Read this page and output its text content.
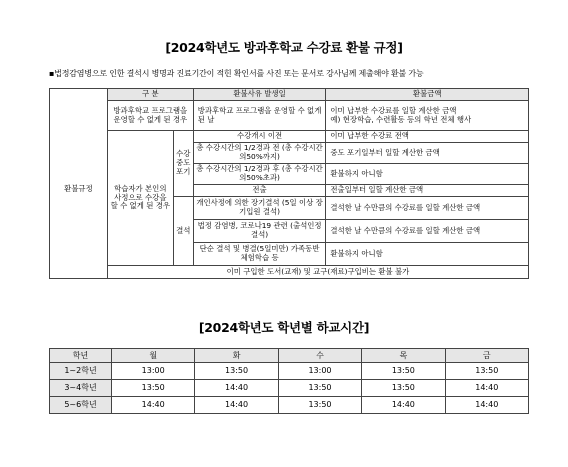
[2024학년도 방과후학교 수강료 환불 규정]
▪법정감염병으로 인한 결석시 병명과 진료기간이 적힌 확인서를 사진 또는 문서로 강사님께 제출해야 환불 가능
	구 분		환불사유 발생일	환불금액
환불규정	방과후학교 프로그램을 운영할 수 없게 된 경우		방과후학교 프로그램을 운영할 수 없게 된 날	이미 납부한 수강료를 일할 계산한 금액
예) 현장학습, 수련활동 등의 학년 전체 행사
	학습자가 본인의 사정으로 수강을 할 수 없게 된 경우	수강 중도 포기	수강개시 이전	이미 납부한 수강료 전액
			총 수강시간의 1/2경과 전 (총 수강시간의50%까지)	중도 포기일부터 일할 계산한 금액
			총 수강시간의 1/2경과 후 (총 수강시간의50%초과)	환불하지 아니함
			전출	전출일부터 일할 계산한 금액
		결석	개인사정에 의한 장기결석 (5일 이상 장기입원 결석)	결석한 날 수만큼의 수강료를 일할 계산한 금액
			법정 감염병, 코로나19 관련 (출석인정결석)	결석한 날 수만큼의 수강료를 일할 계산한 금액
			단순 결석 및 병결(5일미만) 가족동반 체험학습 등	환불하지 아니함
	이미 구입한 도서(교재) 및 교구(재료)구입비는 환불 불가			
[2024학년도 학년별 하교시간]
학년	월	화	수	목	금
1~2학년	13:00	13:50	13:00	13:50	13:50
3~4학년	13:50	14:40	13:50	13:50	14:40
5~6학년	14:40	14:40	13:50	14:40	14:40
